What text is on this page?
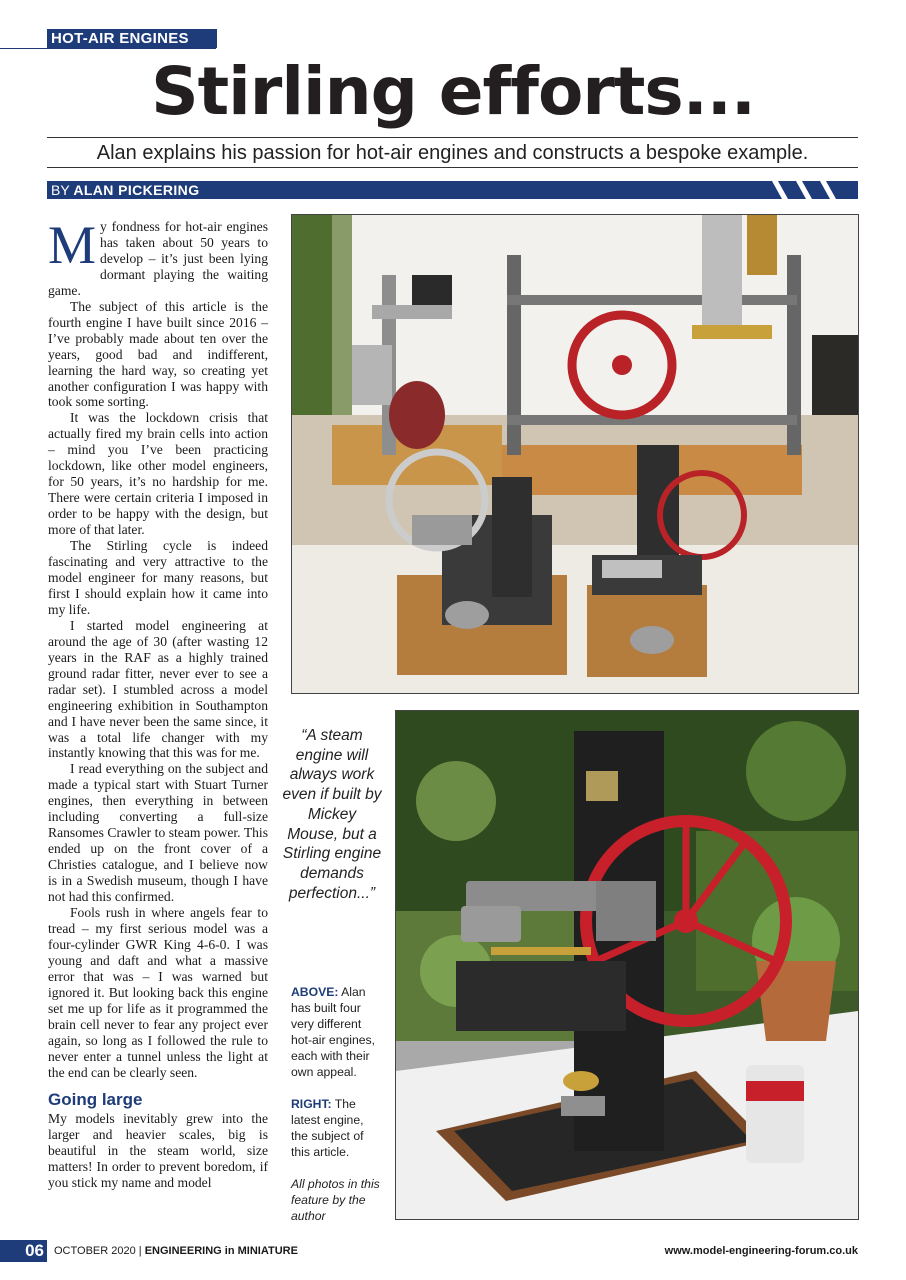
HOT-AIR ENGINES
Stirling efforts...
Alan explains his passion for hot-air engines and constructs a bespoke example.
BY ALAN PICKERING

My fondness for hot-air engines has taken about 50 years to develop – it’s just been lying dormant playing the waiting game.

The subject of this article is the fourth engine I have built since 2016 – I’ve probably made about ten over the years, good bad and indifferent, learning the hard way, so creating yet another configuration I was happy with took some sorting.

It was the lockdown crisis that actually fired my brain cells into action – mind you I’ve been practicing lockdown, like other model engineers, for 50 years, it’s no hardship for me. There were certain criteria I imposed in order to be happy with the design, but more of that later.

The Stirling cycle is indeed fascinating and very attractive to the model engineer for many reasons, but first I should explain how it came into my life.

I started model engineering at around the age of 30 (after wasting 12 years in the RAF as a highly trained ground radar fitter, never ever to see a radar set). I stumbled across a model engineering exhibition in Southampton and I have never been the same since, it was a total life changer with my instantly knowing that this was for me.

I read everything on the subject and made a typical start with Stuart Turner engines, then everything in between including converting a full-size Ransomes Crawler to steam power. This ended up on the front cover of a Christies catalogue, and I believe now is in a Swedish museum, though I have not had this confirmed.

Fools rush in where angels fear to tread – my first serious model was a four-cylinder GWR King 4-6-0. I was young and daft and what a massive error that was – I was warned but ignored it. But looking back this engine set me up for life as it programmed the brain cell never to fear any project ever again, so long as I followed the rule to never enter a tunnel unless the light at the end can be clearly seen.

Going large

My models inevitably grew into the larger and heavier scales, big is beautiful in the steam world, size matters! In order to prevent boredom, if you stick my name and model

“A steam engine will always work even if built by Mickey Mouse, but a Stirling engine demands perfection...”
ABOVE: Alan has built four very different hot-air engines, each with their own appeal.
RIGHT: The latest engine, the subject of this article.
All photos in this feature by the author
06 OCTOBER 2020 | ENGINEERING in MINIATURE	www.model-engineering-forum.co.uk
